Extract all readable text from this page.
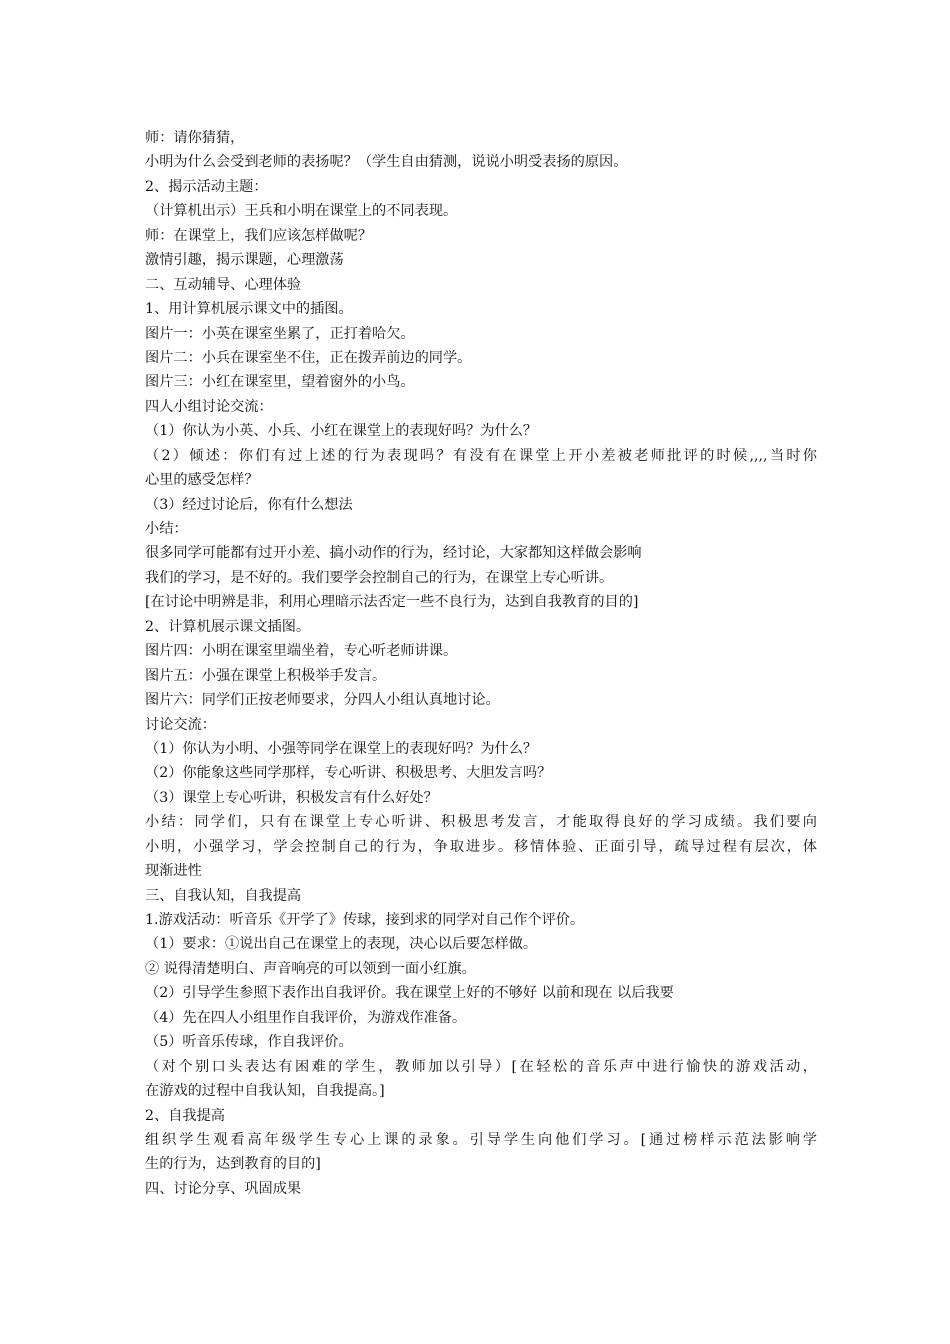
师：请你猜猜，
小明为什么会受到老师的表扬呢？（学生自由猜测，说说小明受表扬的原因。
2、揭示活动主题：
（计算机出示）王兵和小明在课堂上的不同表现。
师：在课堂上，我们应该怎样做呢？
激情引趣，揭示课题，心理激荡
二、互动辅导、心理体验
1、用计算机展示课文中的插图。
图片一：小英在课室坐累了，正打着哈欠。
图片二：小兵在课室坐不住，正在拨弄前边的同学。
图片三：小红在课室里，望着窗外的小鸟。
四人小组讨论交流：
（1）你认为小英、小兵、小红在课堂上的表现好吗？为什么？
（2）倾述：你们有过上述的行为表现吗？有没有在课堂上开小差被老师批评的时候,,,,当时你
心里的感受怎样？
（3）经过讨论后，你有什么想法
小结：
很多同学可能都有过开小差、搞小动作的行为，经讨论，大家都知这样做会影响
我们的学习，是不好的。我们要学会控制自己的行为，在课堂上专心听讲。
[在讨论中明辨是非，利用心理暗示法否定一些不良行为，达到自我教育的目的]
2、计算机展示课文插图。
图片四：小明在课室里端坐着，专心听老师讲课。
图片五：小强在课堂上积极举手发言。
图片六：同学们正按老师要求，分四人小组认真地讨论。
讨论交流：
（1）你认为小明、小强等同学在课堂上的表现好吗？为什么？
（2）你能象这些同学那样，专心听讲、积极思考、大胆发言吗？
（3）课堂上专心听讲，积极发言有什么好处？
小结：同学们，只有在课堂上专心听讲、积极思考发言，才能取得良好的学习成绩。我们要向
小明，小强学习，学会控制自己的行为，争取进步。移情体验、正面引导，疏导过程有层次，体
现渐进性
三、自我认知，自我提高
1.游戏活动：听音乐《开学了》传球，接到求的同学对自己作个评价。
（1）要求：①说出自己在课堂上的表现，决心以后要怎样做。
② 说得清楚明白、声音响亮的可以领到一面小红旗。
（2）引导学生参照下表作出自我评价。我在课堂上好的不够好 以前和现在 以后我要
（4）先在四人小组里作自我评价，为游戏作准备。
（5）听音乐传球，作自我评价。
（对个别口头表达有困难的学生，教师加以引导）[在轻松的音乐声中进行愉快的游戏活动，
在游戏的过程中自我认知，自我提高。]
2、自我提高
组织学生观看高年级学生专心上课的录象。引导学生向他们学习。[通过榜样示范法影响学
生的行为，达到教育的目的]
四、讨论分享、巩固成果
